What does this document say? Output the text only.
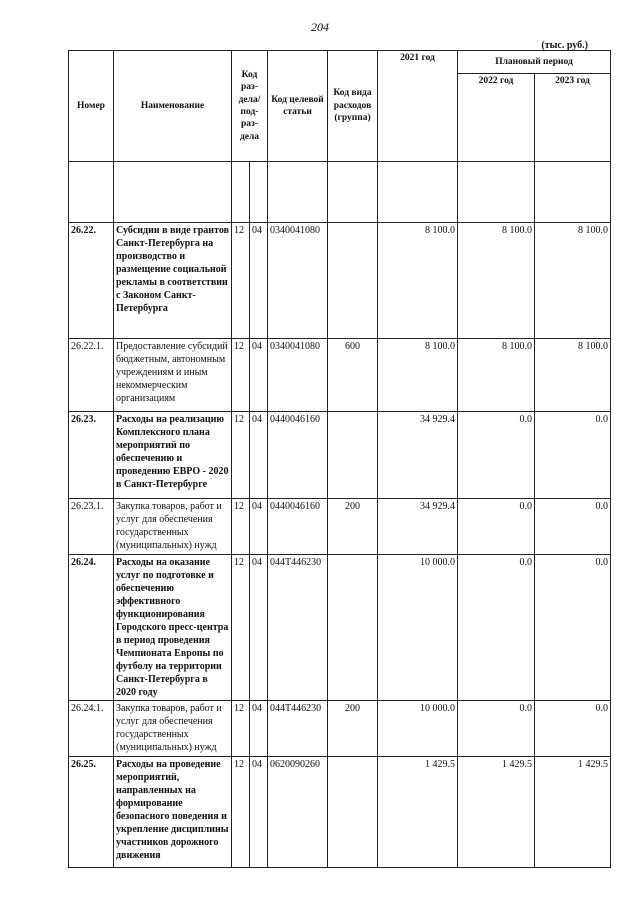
204
(тыс. руб.)
Номер	Наименование	Код раз-дела/ под-раз-дела		Код целевой статьи	Код вида расходов (группа)	2021 год	Плановый период	
							2022 год	2023 год

26.22.	Субсидии в виде грантов Санкт-Петербурга на производство и размещение социальной рекламы в соответствии с Законом Санкт-Петербурга	12	04	0340041080		8 100.0	8 100.0	8 100.0
26.22.1.	Предоставление субсидий бюджетным, автономным учреждениям и иным некоммерческим организациям	12	04	0340041080	600	8 100.0	8 100.0	8 100.0
26.23.	Расходы на реализацию Комплексного плана мероприятий по обеспечению и проведению ЕВРО - 2020 в Санкт-Петербурге	12	04	0440046160		34 929.4	0.0	0.0
26.23.1.	Закупка товаров, работ и услуг для обеспечения государственных (муниципальных) нужд	12	04	0440046160	200	34 929.4	0.0	0.0
26.24.	Расходы на оказание услуг по подготовке и обеспечению эффективного функционирования Городского пресс-центра в период проведения Чемпионата Европы по футболу на территории Санкт-Петербурга в 2020 году	12	04	044Т446230		10 000.0	0.0	0.0
26.24.1.	Закупка товаров, работ и услуг для обеспечения государственных (муниципальных) нужд	12	04	044Т446230	200	10 000.0	0.0	0.0
26.25.	Расходы на проведение мероприятий, направленных на формирование безопасного поведения и укрепление дисциплины участников дорожного движения	12	04	0620090260		1 429.5	1 429.5	1 429.5
